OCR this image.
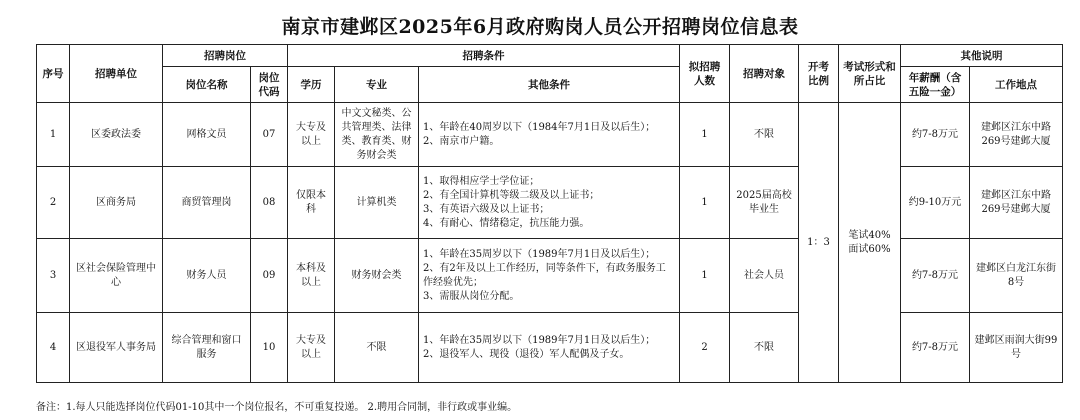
南京市建邺区2025年6月政府购岗人员公开招聘岗位信息表
序号	招聘单位	招聘岗位		招聘条件			拟招聘人数	招聘对象	开考比例	考试形式和所占比	其他说明	
		岗位名称	岗位代码	学历	专业	其他条件					年薪酬（含五险一金）	工作地点
1	区委政法委	网格文员	07	大专及以上	中文文秘类、公共管理类、法律类、教育类、财务财会类	1、年龄在40周岁以下（1984年7月1日及以后生）；
2、南京市户籍。	1	不限	1：3	笔试40%
面试60%	约7-8万元	建邺区江东中路269号建邺大厦
2	区商务局	商贸管理岗	08	仅限本科	计算机类	1、取得相应学士学位证；
2、有全国计算机等级二级及以上证书；
3、有英语六级及以上证书；
4、有耐心、情绪稳定，抗压能力强。	1	2025届高校毕业生			约9-10万元	建邺区江东中路269号建邺大厦
3	区社会保险管理中心	财务人员	09	本科及以上	财务财会类	1、年龄在35周岁以下（1989年7月1日及以后生）；
2、有2年及以上工作经历，同等条件下，有政务服务工作经验优先；
3、需服从岗位分配。	1	社会人员			约7-8万元	建邺区白龙江东街8号
4	区退役军人事务局	综合管理和窗口服务	10	大专及以上	不限	1、年龄在35周岁以下（1989年7月1日及以后生）；
2、退役军人、现役（退役）军人配偶及子女。	2	不限			约7-8万元	建邺区雨润大街99号
备注：1.每人只能选择岗位代码01-10其中一个岗位报名，不可重复投递。 2.聘用合同制，非行政或事业编。
